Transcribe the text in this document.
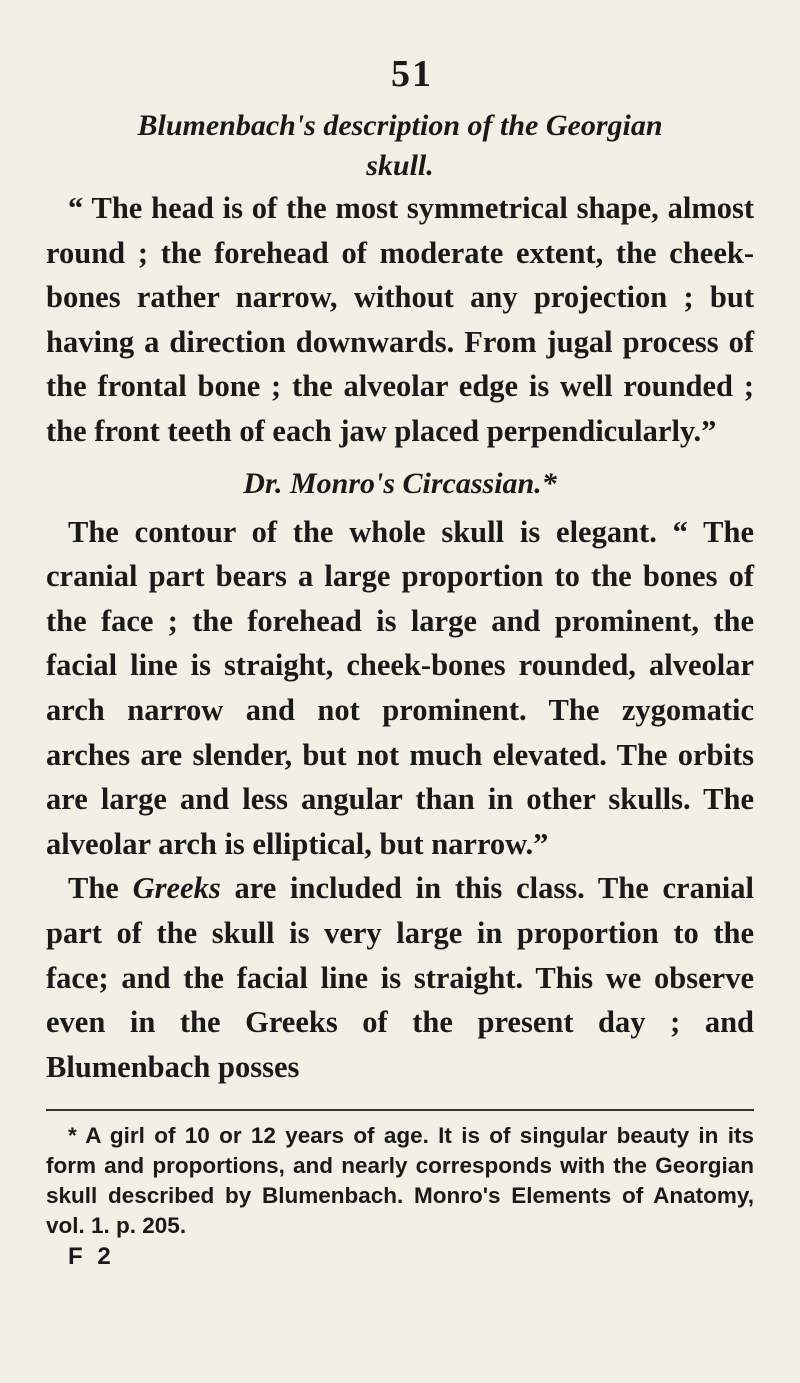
51

Blumenbach's description of the Georgian

skull.

“ The head is of the most symmetrical shape, almost round ; the forehead of moderate extent, the cheek-bones rather narrow, without any projection ; but having a direction downwards. From jugal process of the frontal bone ; the alveolar edge is well rounded ; the front teeth of each jaw placed perpendicularly.”

Dr. Monro's Circassian.*

The contour of the whole skull is elegant. “ The cranial part bears a large proportion to the bones of the face ; the forehead is large and prominent, the facial line is straight, cheek-bones rounded, alveolar arch narrow and not prominent. The zygomatic arches are slender, but not much elevated. The orbits are large and less angular than in other skulls. The alveolar arch is elliptical, but narrow.”

The Greeks are included in this class. The cranial part of the skull is very large in proportion to the face; and the facial line is straight. This we observe even in the Greeks of the present day ; and Blumenbach posses

* A girl of 10 or 12 years of age. It is of singular beauty in its form and proportions, and nearly corresponds with the Georgian skull described by Blumenbach. Monro's Elements of Anatomy, vol. 1. p. 205.

F 2
